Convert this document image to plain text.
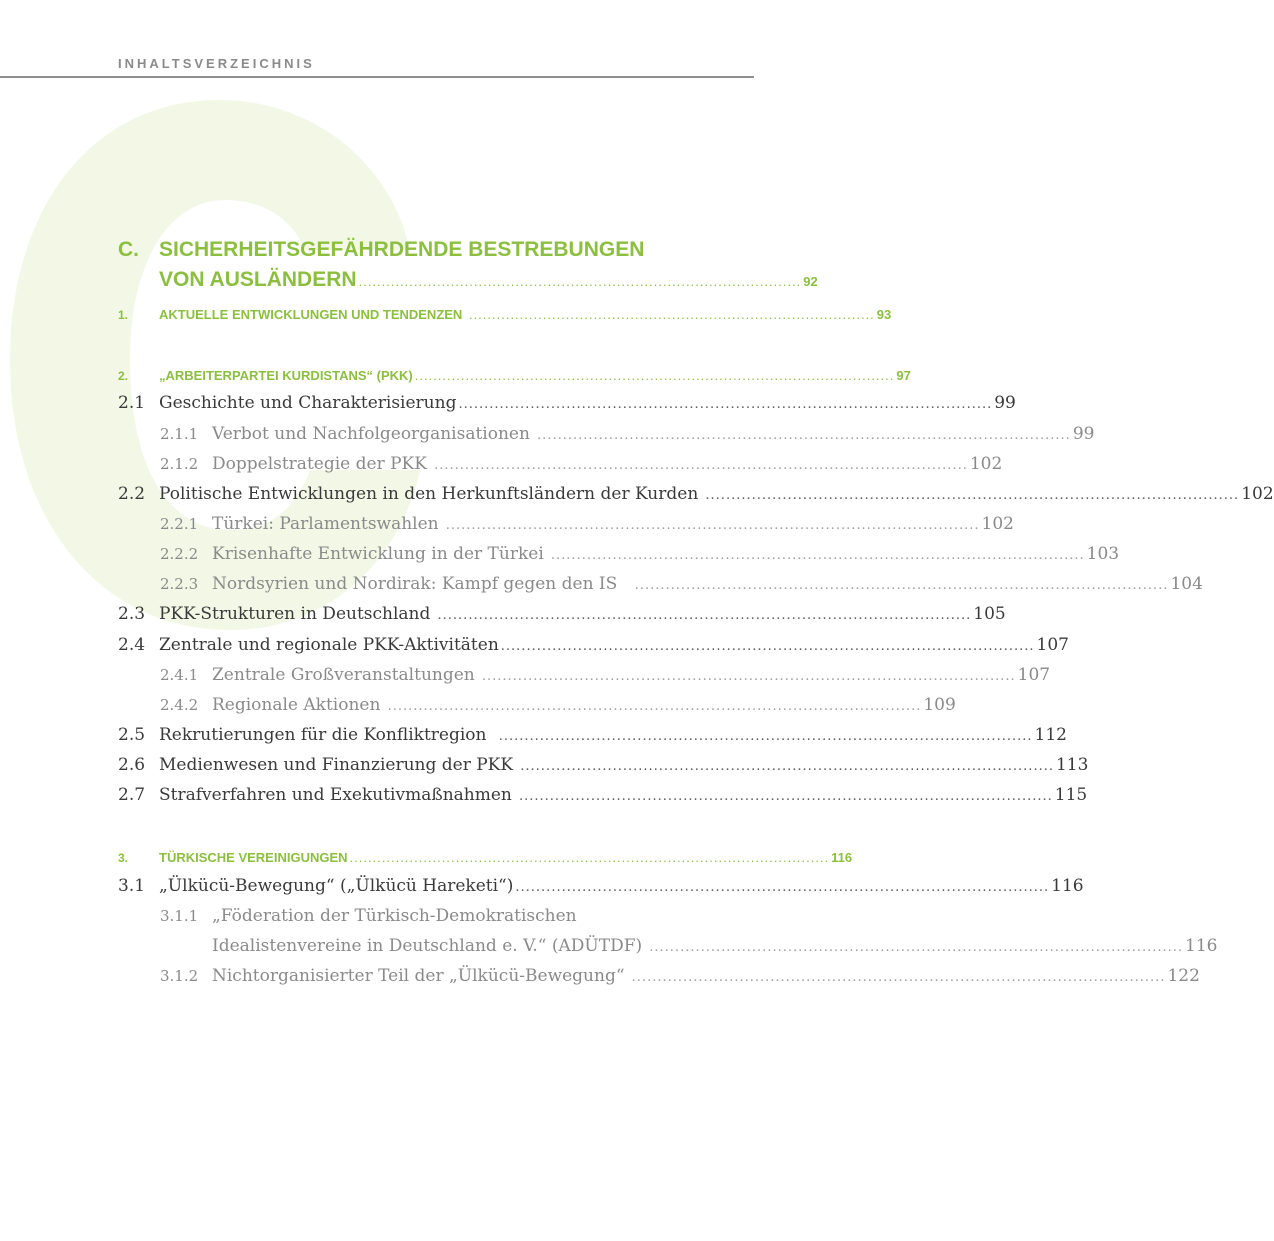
INHALTSVERZEICHNIS
C. SICHERHEITSGEFÄHRDENDE BESTREBUNGEN
VON AUSLÄNDERN ................................................................................................ 92
1.	AKTUELLE ENTWICKLUNGEN UND TENDENZEN ........................................................................................ 93
2.	„ARBEITERPARTEI KURDISTANS“ (PKK) ........................................................................................................ 97
2.1 Geschichte und Charakterisierung ........................................................................................................ 99
2.1.1 Verbot und Nachfolgeorganisationen ........................................................................................................ 99
2.1.2 Doppelstrategie der PKK ........................................................................................................ 102
2.2 Politische Entwicklungen in den Herkunftsländern der Kurden ........................................................................................................ 102
2.2.1 Türkei: Parlamentswahlen ........................................................................................................ 102
2.2.2 Krisenhafte Entwicklung in der Türkei ........................................................................................................ 103
2.2.3 Nordsyrien und Nordirak: Kampf gegen den IS ........................................................................................................ 104
2.3 PKK-Strukturen in Deutschland ........................................................................................................ 105
2.4 Zentrale und regionale PKK-Aktivitäten ........................................................................................................ 107
2.4.1 Zentrale Großveranstaltungen ........................................................................................................ 107
2.4.2 Regionale Aktionen ........................................................................................................ 109
2.5 Rekrutierungen für die Konfliktregion ........................................................................................................ 112
2.6 Medienwesen und Finanzierung der PKK ........................................................................................................ 113
2.7 Strafverfahren und Exekutivmaßnahmen ........................................................................................................ 115
3.	TÜRKISCHE VEREINIGUNGEN ........................................................................................................ 116
3.1 „Ülkücü-Bewegung“ („Ülkücü Hareketi“) ........................................................................................................ 116
3.1.1 „Föderation der Türkisch-Demokratischen
Idealistenvereine in Deutschland e. V.“ (ADÜTDF) ........................................................................................................ 116
3.1.2 Nichtorganisierter Teil der „Ülkücü-Bewegung“ ........................................................................................................ 122
